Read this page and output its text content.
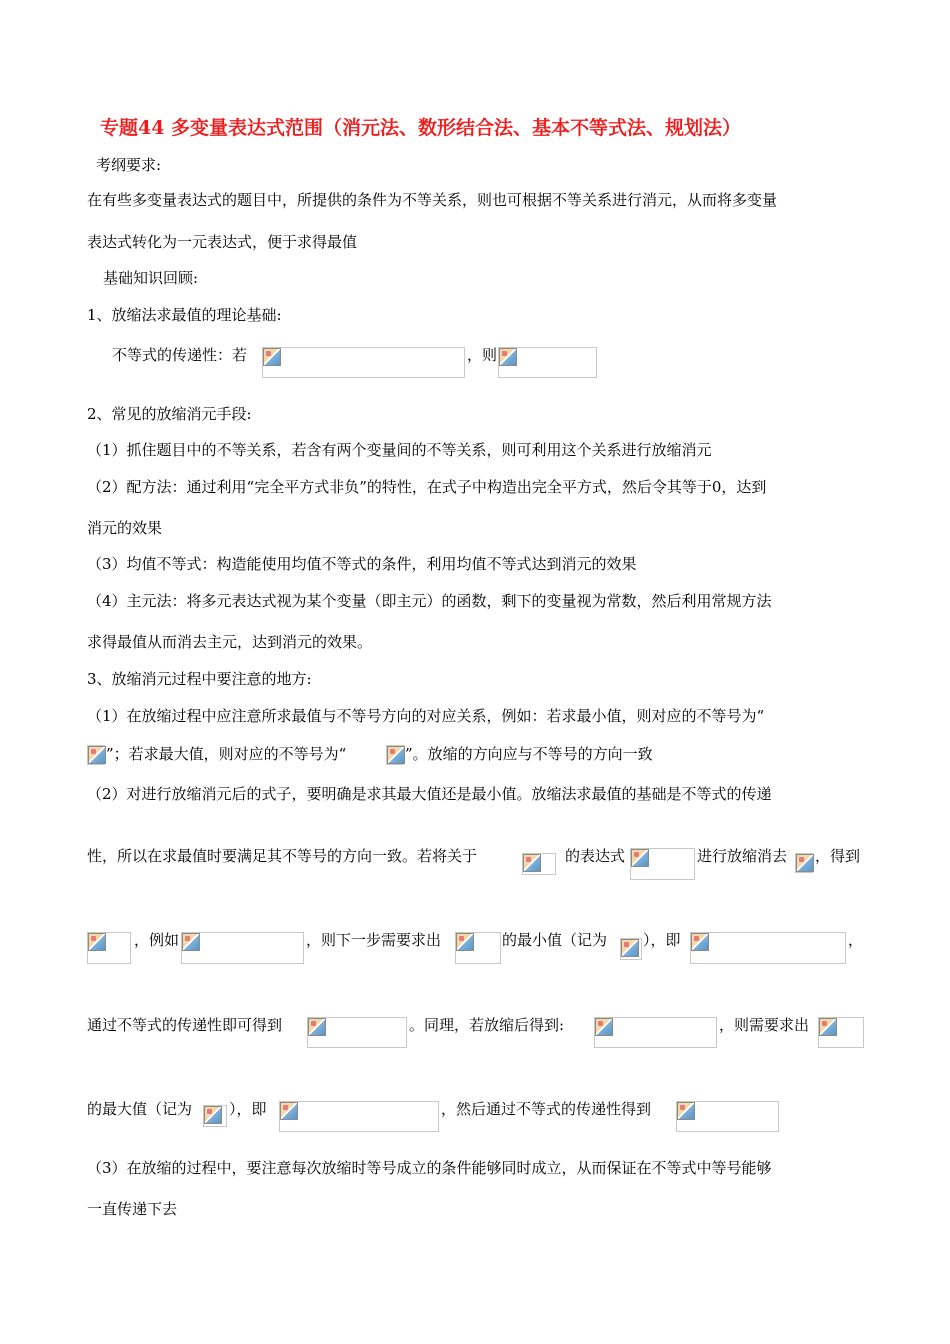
专题44 多变量表达式范围（消元法、数形结合法、基本不等式法、规划法）
考纲要求:
在有些多变量表达式的题目中，所提供的条件为不等关系，则也可根据不等关系进行消元，从而将多变量
表达式转化为一元表达式，便于求得最值
基础知识回顾:
1、放缩法求最值的理论基础:
不等式的传递性：若	，则
2、常见的放缩消元手段:
（1）抓住题目中的不等关系，若含有两个变量间的不等关系，则可利用这个关系进行放缩消元
（2）配方法：通过利用“完全平方式非负”的特性，在式子中构造出完全平方式，然后令其等于0，达到
消元的效果
（3）均值不等式：构造能使用均值不等式的条件，利用均值不等式达到消元的效果
（4）主元法：将多元表达式视为某个变量（即主元）的函数，剩下的变量视为常数，然后利用常规方法
求得最值从而消去主元，达到消元的效果。
3、放缩消元过程中要注意的地方:
（1）在放缩过程中应注意所求最值与不等号方向的对应关系，例如：若求最小值，则对应的不等号为“
”；若求最大值，则对应的不等号为“	”。放缩的方向应与不等号的方向一致
（2）对进行放缩消元后的式子，要明确是求其最大值还是最小值。放缩法求最值的基础是不等式的传递
性，所以在求最值时要满足其不等号的方向一致。若将关于	的表达式	进行放缩消去 ，得到
，例如	，则下一步需要求出	的最小值（记为 ），即	，
通过不等式的传递性即可得到	。同理，若放缩后得到:	，则需要求出
的最大值（记为 ），即	，然后通过不等式的传递性得到
（3）在放缩的过程中，要注意每次放缩时等号成立的条件能够同时成立，从而保证在不等式中等号能够
一直传递下去
